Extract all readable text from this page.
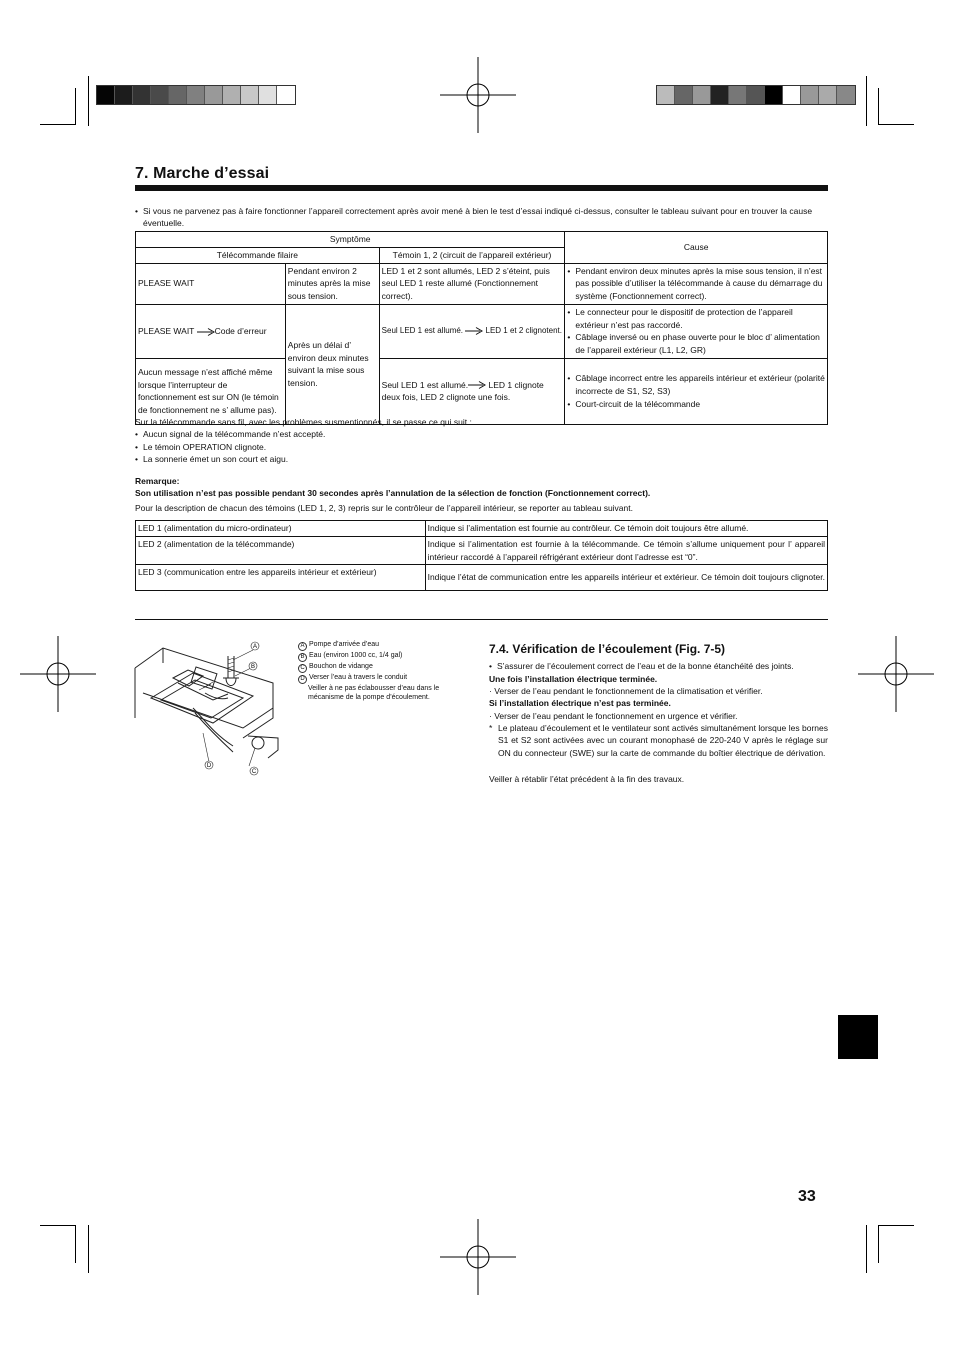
7. Marche d’essai
• Si vous ne parvenez pas à faire fonctionner l’appareil correctement après avoir mené à bien le test d’essai indiqué ci-dessus, consulter le tableau suivant pour en trouver la cause éventuelle.
Symptôme			Cause
Télécommande filaire		Témoin 1, 2 (circuit de l’appareil extérieur)	
PLEASE WAIT	Pendant environ 2 minutes après la mise sous tension.	LED 1 et 2 sont allumés, LED 2 s’éteint, puis seul LED 1 reste allumé (Fonctionnement correct).	• Pendant environ deux minutes après la mise sous tension, il n’est pas possible d’utiliser la télécommande à cause du démarrage du système (Fonctionnement correct).

PLEASE WAIT Code d’erreur	Après un délai d’ environ deux minutes suivant la mise sous tension.	Seul LED 1 est allumé. LED 1 et 2 clignotent.	• Le connecteur pour le dispositif de protection de l’appareil extérieur n’est pas raccordé.
• Câblage inversé ou en phase ouverte pour le bloc d’ alimentation de l’appareil extérieur (L1, L2, GR)

Aucun message n’est affiché même lorsque l’interrupteur de fonctionnement est sur ON (le témoin de fonctionnement ne s’ allume pas).		Seul LED 1 est allumé. LED 1 clignote deux fois, LED 2 clignote une fois.	• Câblage incorrect entre les appareils intérieur et extérieur (polarité incorrecte de S1, S2, S3)
• Court-circuit de la télécommande
Sur la télécommande sans fil, avec les problèmes susmentionnés, il se passe ce qui suit :
• Aucun signal de la télécommande n’est accepté.
• Le témoin OPERATION clignote.
• La sonnerie émet un son court et aigu.
Remarque:
Son utilisation n’est pas possible pendant 30 secondes après l’annulation de la sélection de fonction (Fonctionnement correct).
Pour la description de chacun des témoins (LED 1, 2, 3) repris sur le contrôleur de l’appareil intérieur, se reporter au tableau suivant.
LED 1 (alimentation du micro-ordinateur)	Indique si l’alimentation est fournie au contrôleur. Ce témoin doit toujours être allumé.
LED 2 (alimentation de la télécommande)	Indique si l’alimentation est fournie à la télécommande. Ce témoin s’allume uniquement pour l’ appareil intérieur raccordé à l’appareil réfrigérant extérieur dont l’adresse est “0”.
LED 3 (communication entre les appareils intérieur et extérieur)	Indique l’état de communication entre les appareils intérieur et extérieur. Ce témoin doit toujours clignoter.
A
B
C
D
A Pompe d’arrivée d’eau
B Eau (environ 1000 cc, 1/4 gal)
C Bouchon de vidange
D Verser l’eau à travers le conduit
Veiller à ne pas éclabousser d’eau dans le mécanisme de la pompe d’écoulement.
7.4. Vérification de l’écoulement (Fig. 7-5)
• S’assurer de l’écoulement correct de l’eau et de la bonne étanchéité des joints.
Une fois l’installation électrique terminée.
· Verser de l’eau pendant le fonctionnement de la climatisation et vérifier.
Si l’installation électrique n’est pas terminée.
· Verser de l’eau pendant le fonctionnement en urgence et vérifier.
* Le plateau d’écoulement et le ventilateur sont activés simultanément lorsque les bornes S1 et S2 sont activées avec un courant monophasé de 220-240 V après le réglage sur ON du connecteur (SWE) sur la carte de commande du boîtier électrique de dérivation.
Veiller à rétablir l’état précédent à la fin des travaux.
33
